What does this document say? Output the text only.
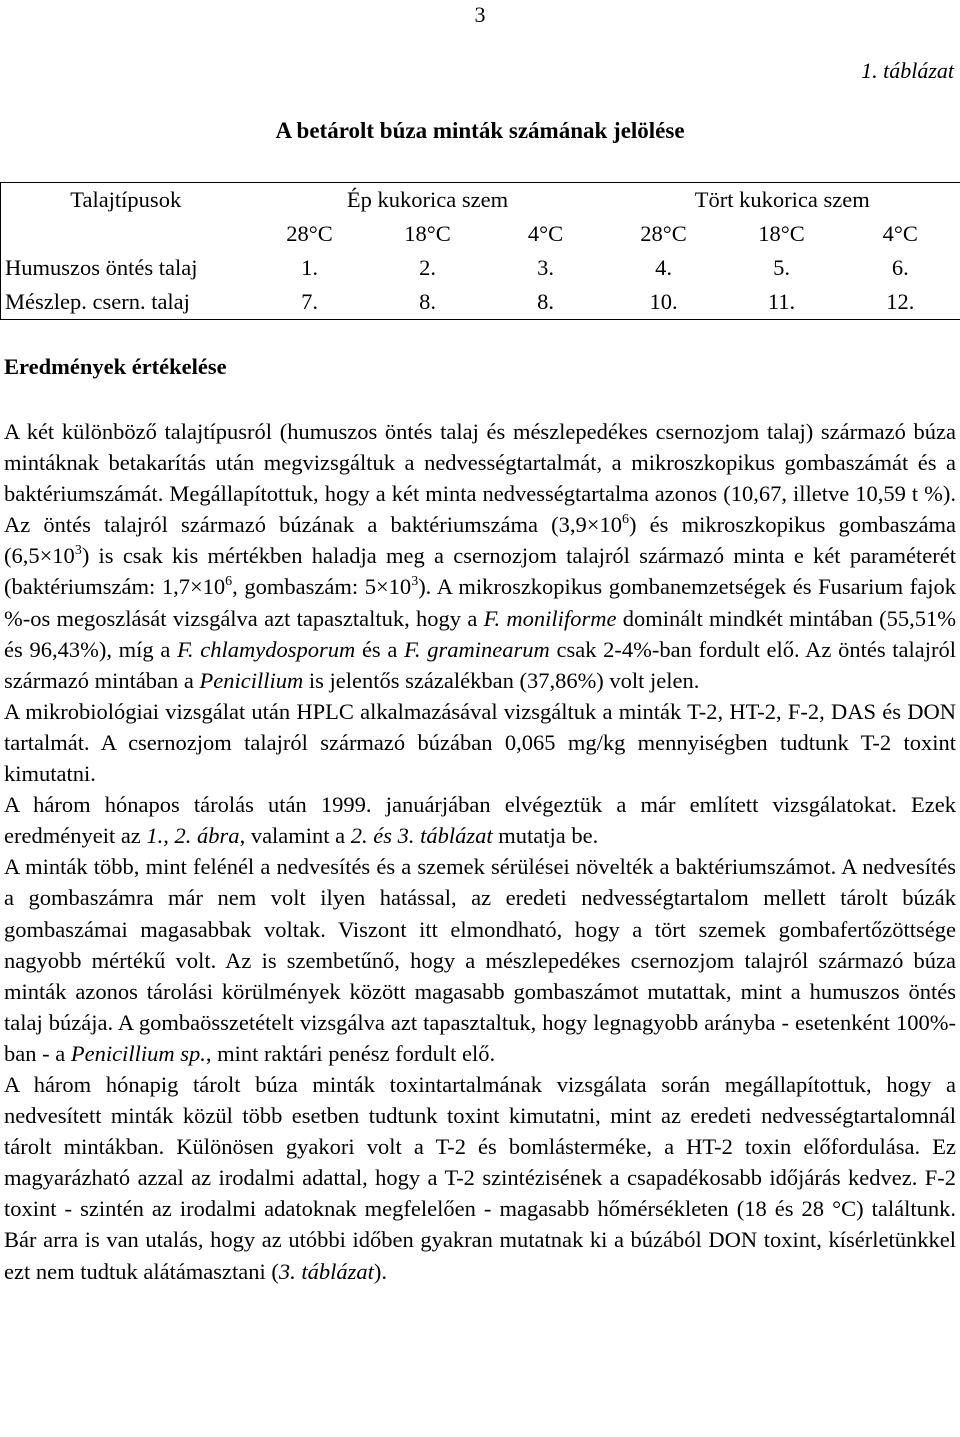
3
1. táblázat
A betárolt búza minták számának jelölése
Talajtípusok	Ép kukorica szem			Tört kukorica szem		
	28°C	18°C	4°C	28°C	18°C	4°C
Humuszos öntés talaj	1.	2.	3.	4.	5.	6.
Mészlep. csern. talaj	7.	8.	8.	10.	11.	12.
Eredmények értékelése

A két különböző talajtípusról (humuszos öntés talaj és mészlepedékes csernozjom talaj) származó búza mintáknak betakarítás után megvizsgáltuk a nedvességtartalmát, a mikroszkopikus gombaszámát és a baktériumszámát. Megállapítottuk, hogy a két minta nedvességtartalma azonos (10,67, illetve 10,59 t %). Az öntés talajról származó búzának a baktériumszáma $(3,9\times 10^6)$ és mikroszkopikus gombaszáma $(6,5\times 10^3)$ is csak kis mértékben haladja meg a csernozjom talajról származó minta e két paraméterét (baktériumszám: $1,7\times 10^6$, gombaszám: $5\times 10^3$). A mikroszkopikus gombanemzetségek és Fusarium fajok %-os megoszlását vizsgálva azt tapasztaltuk, hogy a F. moniliforme dominált mindkét mintában (55,51% és 96,43%), míg a F. chlamydosporum és a F. graminearum csak 2-4%-ban fordult elő. Az öntés talajról származó mintában a Penicillium is jelentős százalékban (37,86%) volt jelen.

A mikrobiológiai vizsgálat után HPLC alkalmazásával vizsgáltuk a minták T-2, HT-2, F-2, DAS és DON tartalmát. A csernozjom talajról származó búzában 0,065 mg/kg mennyiségben tudtunk T-2 toxint kimutatni.

A három hónapos tárolás után 1999. januárjában elvégeztük a már említett vizsgálatokat. Ezek eredményeit az 1., 2. ábra, valamint a 2. és 3. táblázat mutatja be.

A minták több, mint felénél a nedvesítés és a szemek sérülései növelték a baktériumszámot. A nedvesítés a gombaszámra már nem volt ilyen hatással, az eredeti nedvességtartalom mellett tárolt búzák gombaszámai magasabbak voltak. Viszont itt elmondható, hogy a tört szemek gombafertőzöttsége nagyobb mértékű volt. Az is szembetűnő, hogy a mészlepedékes csernozjom talajról származó búza minták azonos tárolási körülmények között magasabb gombaszámot mutattak, mint a humuszos öntés talaj búzája. A gombaösszetételt vizsgálva azt tapasztaltuk, hogy legnagyobb arányba - esetenként 100%-ban - a Penicillium sp., mint raktári penész fordult elő.

A három hónapig tárolt búza minták toxintartalmának vizsgálata során megállapítottuk, hogy a nedvesített minták közül több esetben tudtunk toxint kimutatni, mint az eredeti nedvességtartalomnál tárolt mintákban. Különösen gyakori volt a T-2 és bomlásterméke, a HT-2 toxin előfordulása. Ez magyarázható azzal az irodalmi adattal, hogy a T-2 szintézisének a csapadékosabb időjárás kedvez. F-2 toxint - szintén az irodalmi adatoknak megfelelően - magasabb hőmérsékleten (18 és 28 °C) találtunk. Bár arra is van utalás, hogy az utóbbi időben gyakran mutatnak ki a búzából DON toxint, kísérletünkkel ezt nem tudtuk alátámasztani (3. táblázat).
